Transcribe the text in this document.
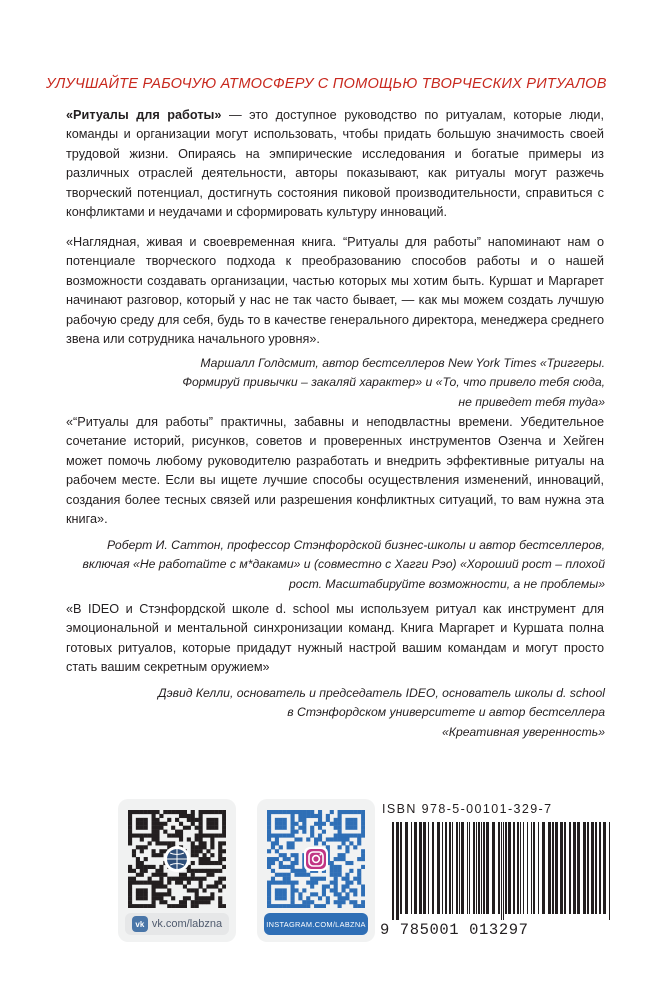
УЛУЧШАЙТЕ РАБОЧУЮ АТМОСФЕРУ С ПОМОЩЬЮ ТВОРЧЕСКИХ РИТУАЛОВ

«Ритуалы для работы» — это доступное руководство по ритуалам, которые люди, команды и организации могут использовать, чтобы придать большую значимость своей трудовой жизни. Опираясь на эмпирические исследования и богатые примеры из различных отраслей деятельности, авторы показывают, как ритуалы могут разжечь творческий потенциал, достигнуть состояния пиковой производительности, справиться с конфликтами и неудачами и сформировать культуру инноваций.

«Наглядная, живая и своевременная книга. “Ритуалы для работы” напоминают нам о потенциале творческого подхода к преобразованию способов работы и о нашей возможности создавать организации, частью которых мы хотим быть. Куршат и Маргарет начинают разговор, который у нас не так часто бывает, — как мы можем создать лучшую рабочую среду для себя, будь то в качестве генерального директора, менеджера среднего звена или сотрудника начального уровня».

Маршалл Голдсмит, автор бестселлеров New York Times «Триггеры.
Формируй привычки – закаляй характер» и «То, что привело тебя сюда,
не приведет тебя туда»

«“Ритуалы для работы” практичны, забавны и неподвластны времени. Убедительное сочетание историй, рисунков, советов и проверенных инструментов Озенча и Хейген может помочь любому руководителю разработать и внедрить эффективные ритуалы на рабочем месте. Если вы ищете лучшие способы осуществления изменений, инноваций, создания более тесных связей или разрешения конфликтных ситуаций, то вам нужна эта книга».

Роберт И. Саттон, профессор Стэнфордской бизнес-школы и автор бестселлеров,
включая «Не работайте с м*даками» и (совместно с Хагги Рэо) «Хороший рост – плохой
рост. Масштабируйте возможности, а не проблемы»

«В IDEO и Стэнфордской школе d. school мы используем ритуал как инструмент для эмоциональной и ментальной синхронизации команд. Книга Маргарет и Куршата полна готовых ритуалов, которые придадут нужный настрой вашим командам и могут просто стать вашим секретным оружием»

Дэвид Келли, основатель и председатель IDEO, основатель школы d. school
в Стэнфордском университете и автор бестселлера
«Креативная уверенность»

vk vk.com/labzna	INSTAGRAM.COM/LABZNA
ISBN 978-5-00101-329-7
9 785001 013297
